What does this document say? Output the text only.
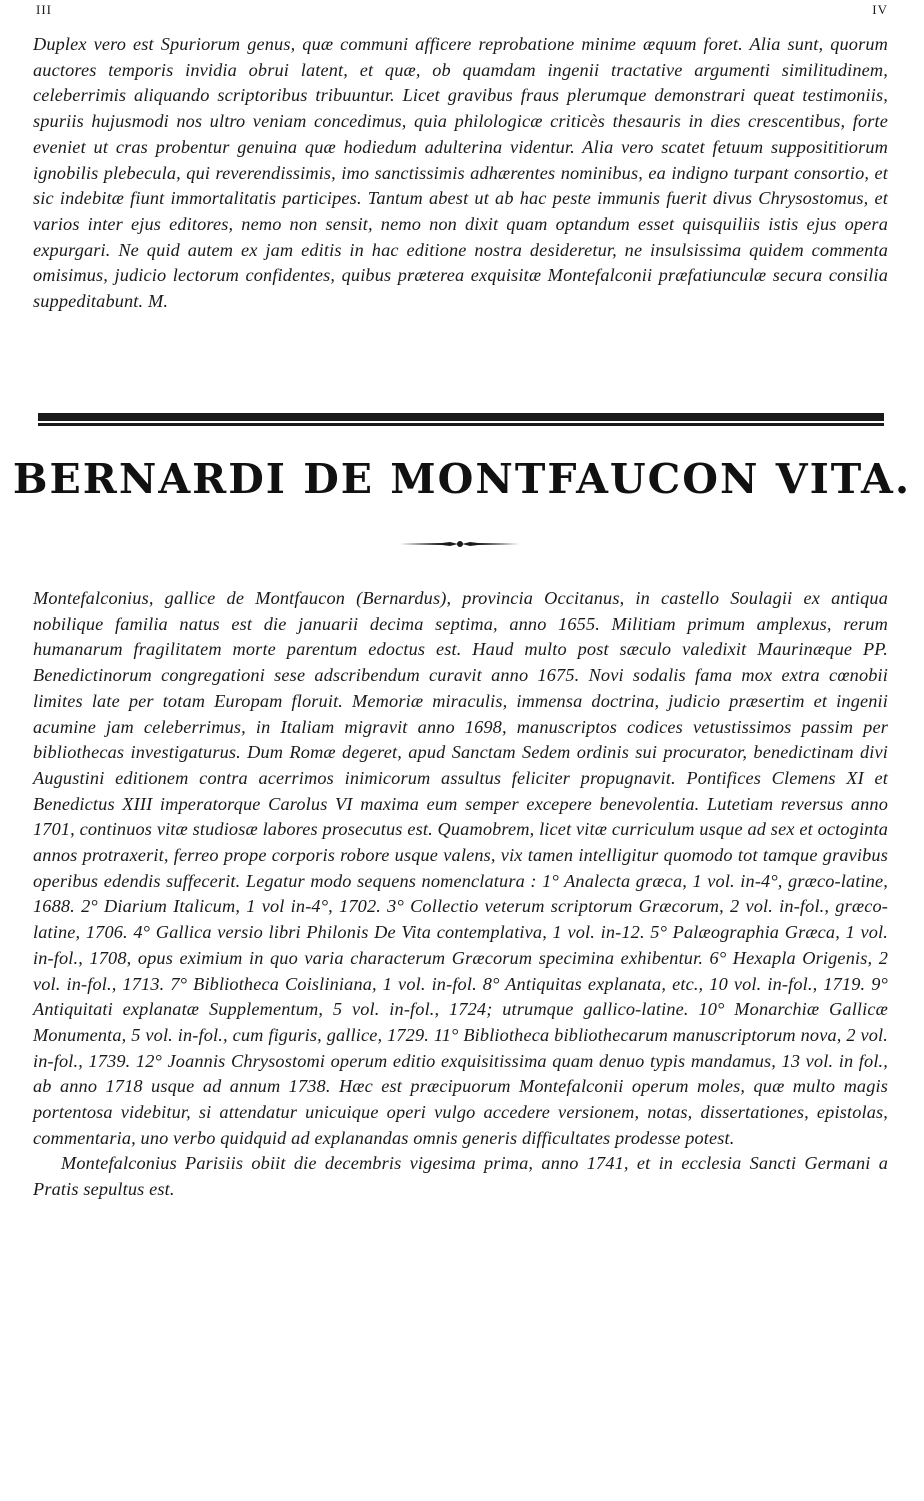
III	IV

Duplex vero est Spuriorum genus, quæ communi afficere reprobatione minime æquum foret. Alia sunt, quorum auctores temporis invidia obrui latent, et quæ, ob quamdam ingenii tractative argumenti similitudinem, celeberrimis aliquando scriptoribus tribuuntur. Licet gravibus fraus plerumque demonstrari queat testimoniis, spuriis hujusmodi nos ultro veniam concedimus, quia philologicæ criticès thesauris in dies crescentibus, forte eveniet ut cras probentur genuina quæ hodiedum adulterina videntur. Alia vero scatet fetuum supposititiorum ignobilis plebecula, qui reverendissimis, imo sanctissimis adhærentes nominibus, ea indigno turpant consortio, et sic indebitæ fiunt immortalitatis participes. Tantum abest ut ab hac peste immunis fuerit divus Chrysostomus, et varios inter ejus editores, nemo non sensit, nemo non dixit quam optandum esset quisquiliis istis ejus opera expurgari. Ne quid autem ex jam editis in hac editione nostra desideretur, ne insulsissima quidem commenta omisimus, judicio lectorum confidentes, quibus præterea exquisitæ Montefalconii præfatiunculæ secura consilia suppeditabunt. M.

BERNARDI DE MONTFAUCON VITA.

Montefalconius, gallice de Montfaucon (Bernardus), provincia Occitanus, in castello Soulagii ex antiqua nobilique familia natus est die januarii decima septima, anno 1655. Militiam primum amplexus, rerum humanarum fragilitatem morte parentum edoctus est. Haud multo post sæculo valedixit Maurinæque PP. Benedictinorum congregationi sese adscribendum curavit anno 1675. Novi sodalis fama mox extra cœnobii limites late per totam Europam floruit. Memoriæ miraculis, immensa doctrina, judicio præsertim et ingenii acumine jam celeberrimus, in Italiam migravit anno 1698, manuscriptos codices vetustissimos passim per bibliothecas investigaturus. Dum Romæ degeret, apud Sanctam Sedem ordinis sui procurator, benedictinam divi Augustini editionem contra acerrimos inimicorum assultus feliciter propugnavit. Pontifices Clemens XI et Benedictus XIII imperatorque Carolus VI maxima eum semper excepere benevolentia. Lutetiam reversus anno 1701, continuos vitæ studiosæ labores prosecutus est. Quamobrem, licet vitæ curriculum usque ad sex et octoginta annos protraxerit, ferreo prope corporis robore usque valens, vix tamen intelligitur quomodo tot tamque gravibus operibus edendis suffecerit. Legatur modo sequens nomenclatura : 1° Analecta græca, 1 vol. in-4°, græco-latine, 1688. 2° Diarium Italicum, 1 vol in-4°, 1702. 3° Collectio veterum scriptorum Græcorum, 2 vol. in-fol., græco-latine, 1706. 4° Gallica versio libri Philonis De Vita contemplativa, 1 vol. in-12. 5° Palæographia Græca, 1 vol. in-fol., 1708, opus eximium in quo varia characterum Græcorum specimina exhibentur. 6° Hexapla Origenis, 2 vol. in-fol., 1713. 7° Bibliotheca Coisliniana, 1 vol. in-fol. 8° Antiquitas explanata, etc., 10 vol. in-fol., 1719. 9° Antiquitati explanatæ Supplementum, 5 vol. in-fol., 1724; utrumque gallico-latine. 10° Monarchiæ Gallicæ Monumenta, 5 vol. in-fol., cum figuris, gallice, 1729. 11° Bibliotheca bibliothecarum manuscriptorum nova, 2 vol. in-fol., 1739. 12° Joannis Chrysostomi operum editio exquisitissima quam denuo typis mandamus, 13 vol. in fol., ab anno 1718 usque ad annum 1738. Hæc est præcipuorum Montefalconii operum moles, quæ multo magis portentosa videbitur, si attendatur unicuique operi vulgo accedere versionem, notas, dissertationes, epistolas, commentaria, uno verbo quidquid ad explanandas omnis generis difficultates prodesse potest.

Montefalconius Parisiis obiit die decembris vigesima prima, anno 1741, et in ecclesia Sancti Germani a Pratis sepultus est.
